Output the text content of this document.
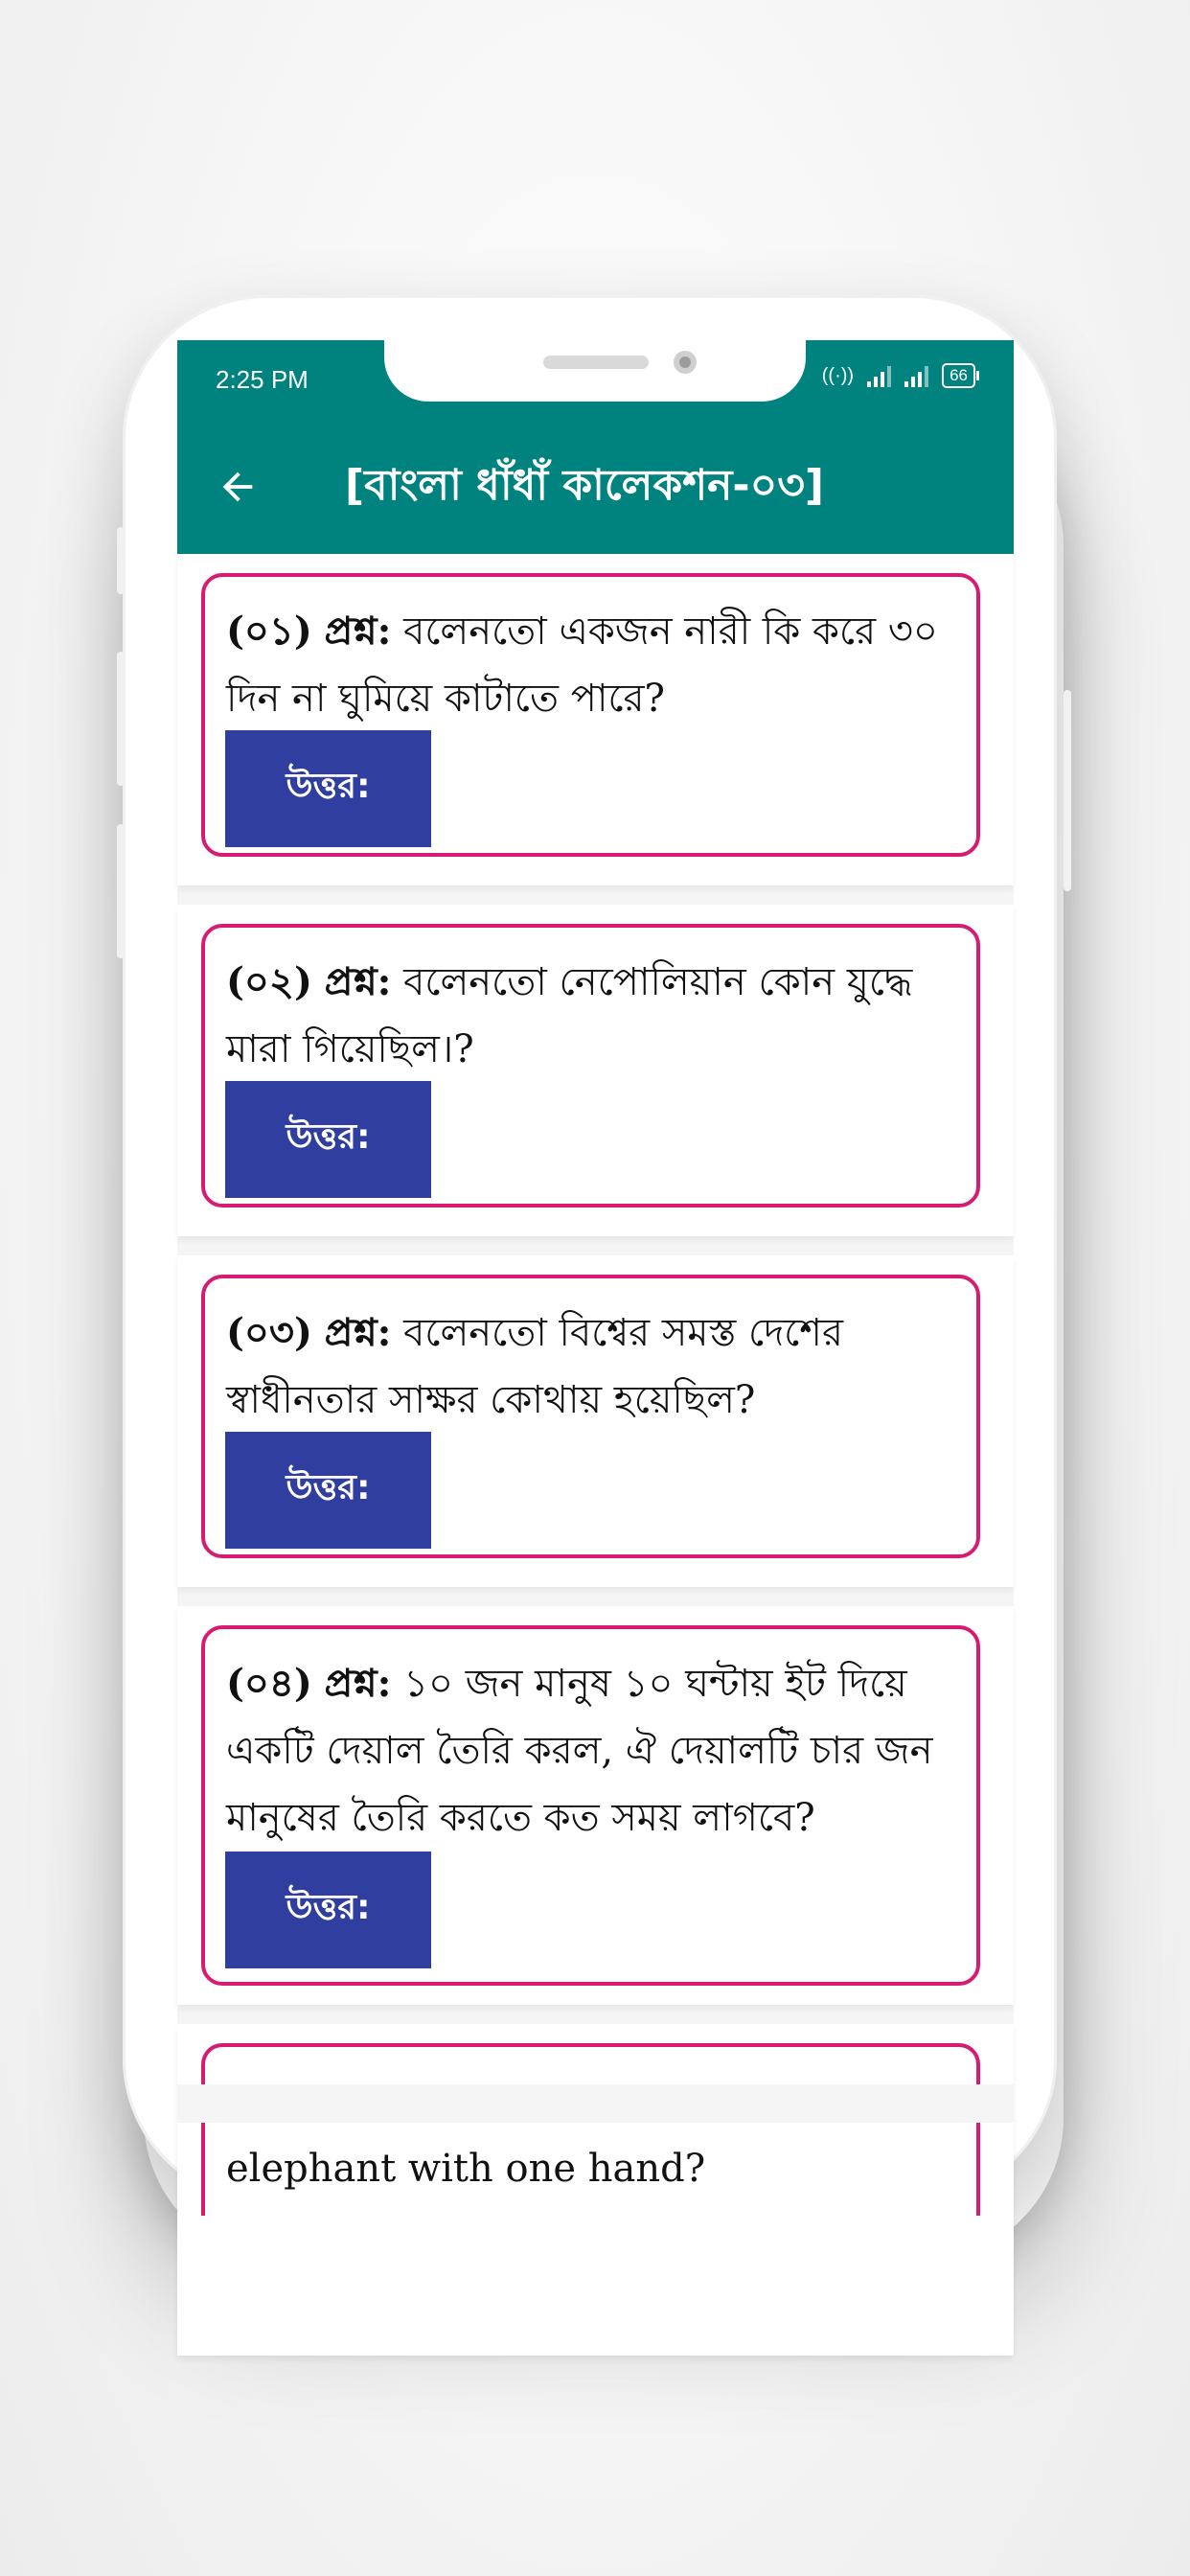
2:25 PM	((·))	66
[বাংলা ধাঁধাঁ কালেকশন-০৩]
(০১) প্রশ্ন: বলেনতো একজন নারী কি করে ৩০ দিন না ঘুমিয়ে কাটাতে পারে?
উত্তর:
(০২) প্রশ্ন: বলেনতো নেপোলিয়ান কোন যুদ্ধে মারা গিয়েছিল।?
উত্তর:
(০৩) প্রশ্ন: বলেনতো বিশ্বের সমস্ত দেশের স্বাধীনতার সাক্ষর কোথায় হয়েছিল?
উত্তর:
(০৪) প্রশ্ন: ১০ জন মানুষ ১০ ঘন্টায় ইট দিয়ে একটি দেয়াল তৈরি করল, ঐ দেয়ালটি চার জন মানুষের তৈরি করতে কত সময় লাগবে?
উত্তর:
elephant with one hand?
